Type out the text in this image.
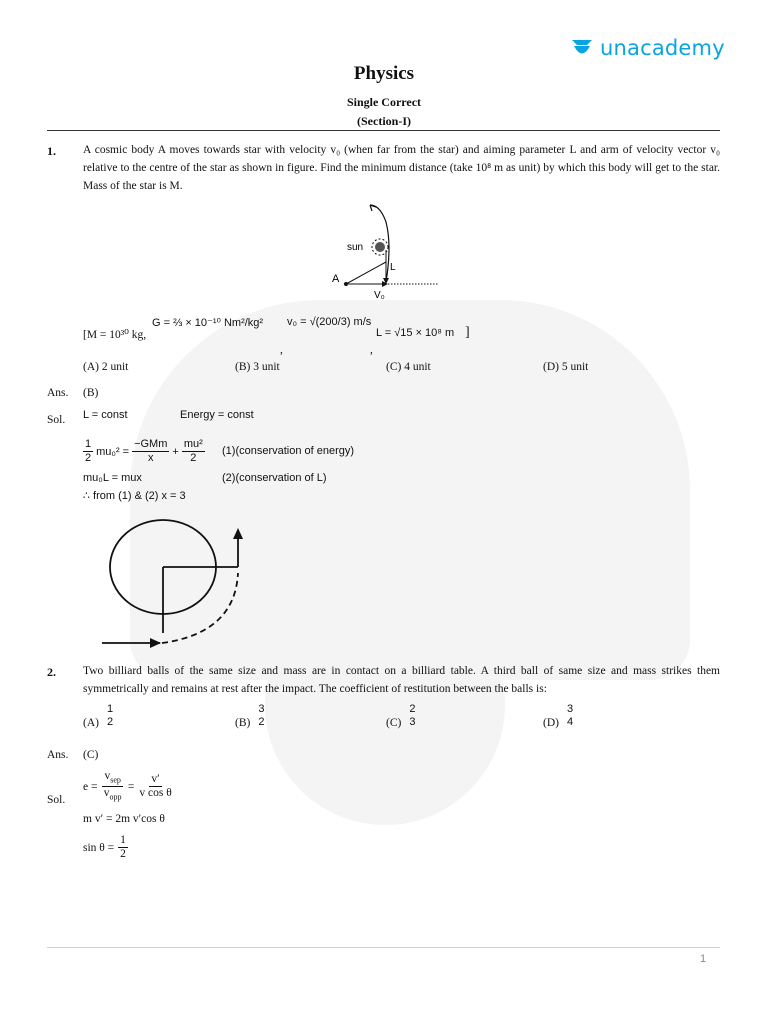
unacademy
Physics
Single Correct
(Section-I)
1. A cosmic body A moves towards star with velocity v₀ (when far from the star) and aiming parameter L and arm of velocity vector v₀ relative to the centre of the star as shown in figure. Find the minimum distance (take 10⁸ m as unit) by which this body will get to the star. Mass of the star is M.
sun
A
L
V₀
[M = 10³⁰ kg,
G = ⅔ × 10⁻¹⁰ Nm²/kg² v₀ = √(200/3) m/s
L = √15 × 10⁸ m ]
,	,
(A) 2 unit	(B) 3 unit	(C) 4 unit	(D) 5 unit
Ans. (B)
Sol. L = const	Energy = const
$\frac{1}{2} mu_0^2 = \frac{\text{−GMm}}{x} + \frac{\text{mu²}}{2}$ (1)(conservation of energy)
mu₀L = mux	(2)(conservation of L)
∴ from (1) & (2) x = 3
2. Two billiard balls of the same size and mass are in contact on a billiard table. A third ball of same size and mass strikes them symmetrically and remains at rest after the impact. The coefficient of restitution between the balls is:
(A)
1
2	(B)
3
2	(C)
2
3	(D)
3
4
Ans. (C)
Sol.
$e = \frac{v_{sep}}{v_{opp}} = \frac{v'}{\text{v cos θ}}$
m v′ = 2m v′cos θ
$\sin \theta = \frac{1}{2}$
1
